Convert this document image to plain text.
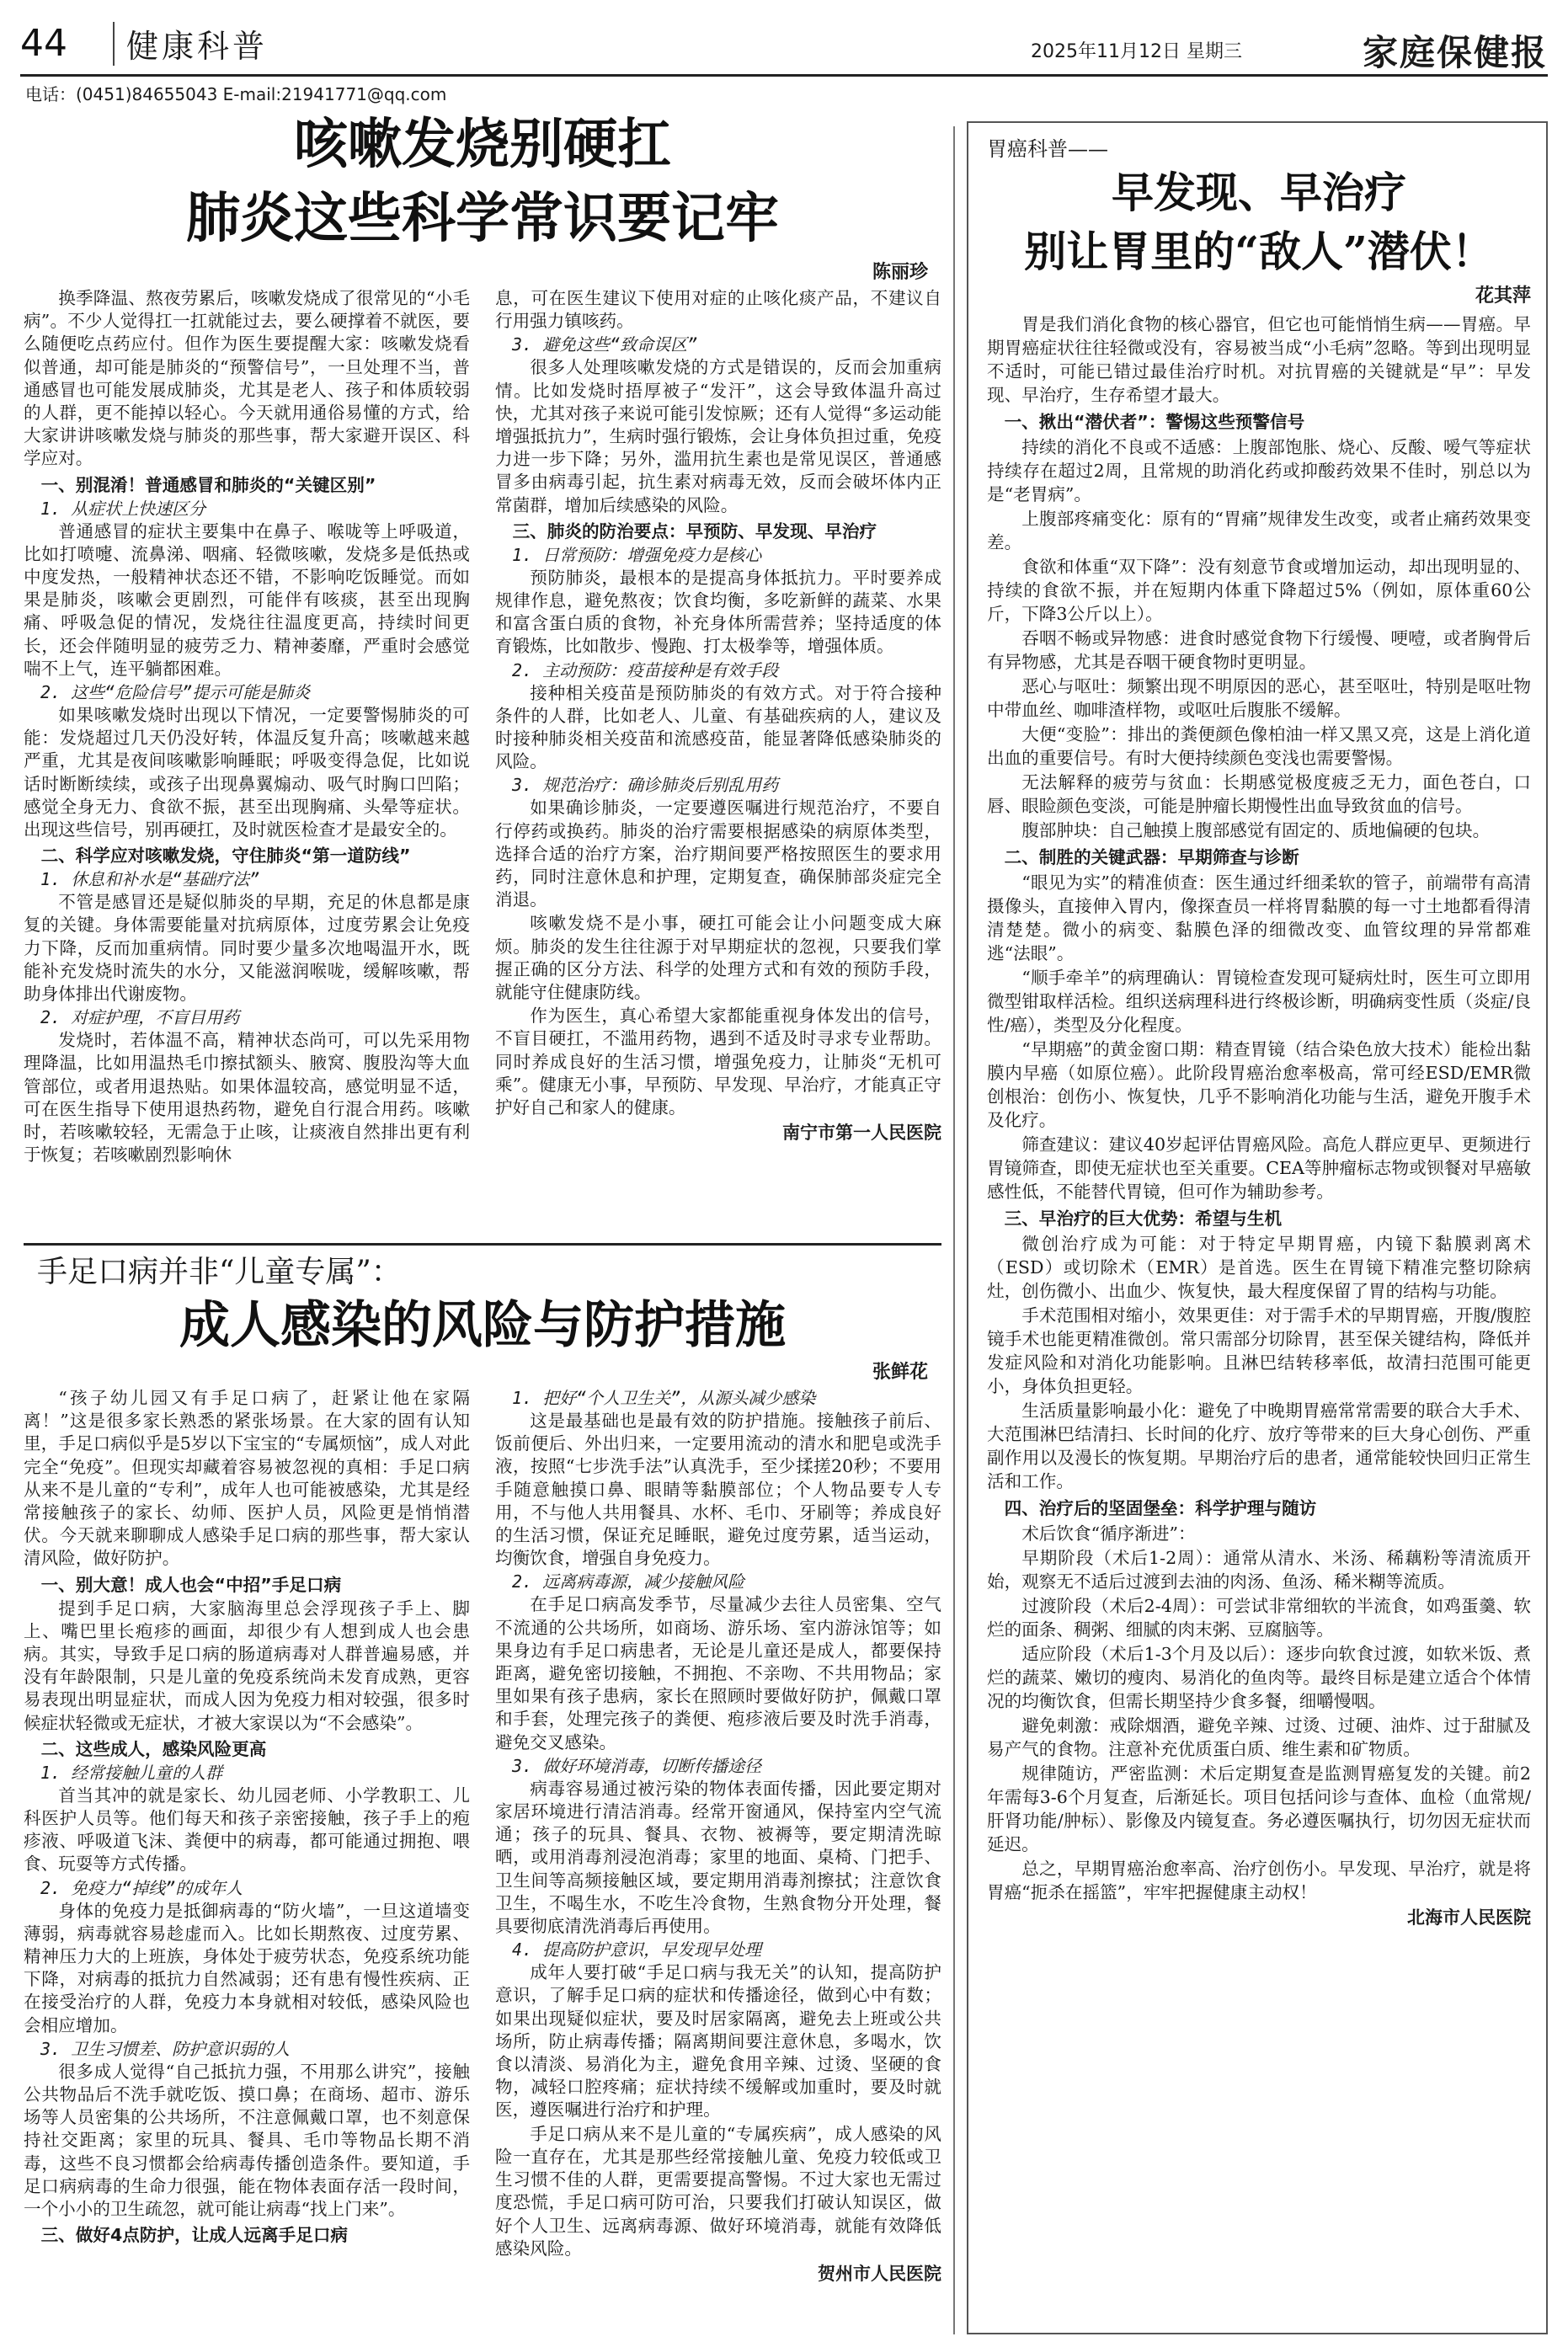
44 健康科普	2025年11月12日 星期三	家庭保健报
电话：(0451)84655043 E-mail:21941771@qq.com
咳嗽发烧别硬扛
肺炎这些科学常识要记牢
陈丽珍

换季降温、熬夜劳累后，咳嗽发烧成了很常见的“小毛病”。不少人觉得扛一扛就能过去，要么硬撑着不就医，要么随便吃点药应付。但作为医生要提醒大家：咳嗽发烧看似普通，却可能是肺炎的“预警信号”，一旦处理不当，普通感冒也可能发展成肺炎，尤其是老人、孩子和体质较弱的人群，更不能掉以轻心。今天就用通俗易懂的方式，给大家讲讲咳嗽发烧与肺炎的那些事，帮大家避开误区、科学应对。

一、别混淆！普通感冒和肺炎的“关键区别”
1. 从症状上快速区分

普通感冒的症状主要集中在鼻子、喉咙等上呼吸道，比如打喷嚏、流鼻涕、咽痛、轻微咳嗽，发烧多是低热或中度发热，一般精神状态还不错，不影响吃饭睡觉。而如果是肺炎，咳嗽会更剧烈，可能伴有咳痰，甚至出现胸痛、呼吸急促的情况，发烧往往温度更高，持续时间更长，还会伴随明显的疲劳乏力、精神萎靡，严重时会感觉喘不上气，连平躺都困难。

2. 这些“危险信号”提示可能是肺炎

如果咳嗽发烧时出现以下情况，一定要警惕肺炎的可能：发烧超过几天仍没好转，体温反复升高；咳嗽越来越严重，尤其是夜间咳嗽影响睡眠；呼吸变得急促，比如说话时断断续续，或孩子出现鼻翼煽动、吸气时胸口凹陷；感觉全身无力、食欲不振，甚至出现胸痛、头晕等症状。出现这些信号，别再硬扛，及时就医检查才是最安全的。

二、科学应对咳嗽发烧，守住肺炎“第一道防线”
1. 休息和补水是“基础疗法”

不管是感冒还是疑似肺炎的早期，充足的休息都是康复的关键。身体需要能量对抗病原体，过度劳累会让免疫力下降，反而加重病情。同时要少量多次地喝温开水，既能补充发烧时流失的水分，又能滋润喉咙，缓解咳嗽，帮助身体排出代谢废物。

2. 对症护理，不盲目用药

发烧时，若体温不高，精神状态尚可，可以先采用物理降温，比如用温热毛巾擦拭额头、腋窝、腹股沟等大血管部位，或者用退热贴。如果体温较高，感觉明显不适，可在医生指导下使用退热药物，避免自行混合用药。咳嗽时，若咳嗽较轻，无需急于止咳，让痰液自然排出更有利于恢复；若咳嗽剧烈影响休

息，可在医生建议下使用对症的止咳化痰产品，不建议自行用强力镇咳药。

3. 避免这些“致命误区”

很多人处理咳嗽发烧的方式是错误的，反而会加重病情。比如发烧时捂厚被子“发汗”，这会导致体温升高过快，尤其对孩子来说可能引发惊厥；还有人觉得“多运动能增强抵抗力”，生病时强行锻炼，会让身体负担过重，免疫力进一步下降；另外，滥用抗生素也是常见误区，普通感冒多由病毒引起，抗生素对病毒无效，反而会破坏体内正常菌群，增加后续感染的风险。

三、肺炎的防治要点：早预防、早发现、早治疗
1. 日常预防：增强免疫力是核心

预防肺炎，最根本的是提高身体抵抗力。平时要养成规律作息，避免熬夜；饮食均衡，多吃新鲜的蔬菜、水果和富含蛋白质的食物，补充身体所需营养；坚持适度的体育锻炼，比如散步、慢跑、打太极拳等，增强体质。

2. 主动预防：疫苗接种是有效手段

接种相关疫苗是预防肺炎的有效方式。对于符合接种条件的人群，比如老人、儿童、有基础疾病的人，建议及时接种肺炎相关疫苗和流感疫苗，能显著降低感染肺炎的风险。

3. 规范治疗：确诊肺炎后别乱用药

如果确诊肺炎，一定要遵医嘱进行规范治疗，不要自行停药或换药。肺炎的治疗需要根据感染的病原体类型，选择合适的治疗方案，治疗期间要严格按照医生的要求用药，同时注意休息和护理，定期复查，确保肺部炎症完全消退。

咳嗽发烧不是小事，硬扛可能会让小问题变成大麻烦。肺炎的发生往往源于对早期症状的忽视，只要我们掌握正确的区分方法、科学的处理方式和有效的预防手段，就能守住健康防线。

作为医生，真心希望大家都能重视身体发出的信号，不盲目硬扛，不滥用药物，遇到不适及时寻求专业帮助。同时养成良好的生活习惯，增强免疫力，让肺炎“无机可乘”。健康无小事，早预防、早发现、早治疗，才能真正守护好自己和家人的健康。

南宁市第一人民医院
手足口病并非“儿童专属”：
成人感染的风险与防护措施
张鲜花

“孩子幼儿园又有手足口病了，赶紧让他在家隔离！”这是很多家长熟悉的紧张场景。在大家的固有认知里，手足口病似乎是5岁以下宝宝的“专属烦恼”，成人对此完全“免疫”。但现实却藏着容易被忽视的真相：手足口病从来不是儿童的“专利”，成年人也可能被感染，尤其是经常接触孩子的家长、幼师、医护人员，风险更是悄悄潜伏。今天就来聊聊成人感染手足口病的那些事，帮大家认清风险，做好防护。

一、别大意！成人也会“中招”手足口病

提到手足口病，大家脑海里总会浮现孩子手上、脚上、嘴巴里长疱疹的画面，却很少有人想到成人也会患病。其实，导致手足口病的肠道病毒对人群普遍易感，并没有年龄限制，只是儿童的免疫系统尚未发育成熟，更容易表现出明显症状，而成人因为免疫力相对较强，很多时候症状轻微或无症状，才被大家误以为“不会感染”。

二、这些成人，感染风险更高
1. 经常接触儿童的人群

首当其冲的就是家长、幼儿园老师、小学教职工、儿科医护人员等。他们每天和孩子亲密接触，孩子手上的疱疹液、呼吸道飞沫、粪便中的病毒，都可能通过拥抱、喂食、玩耍等方式传播。

2. 免疫力“掉线”的成年人

身体的免疫力是抵御病毒的“防火墙”，一旦这道墙变薄弱，病毒就容易趁虚而入。比如长期熬夜、过度劳累、精神压力大的上班族，身体处于疲劳状态，免疫系统功能下降，对病毒的抵抗力自然减弱；还有患有慢性疾病、正在接受治疗的人群，免疫力本身就相对较低，感染风险也会相应增加。

3. 卫生习惯差、防护意识弱的人

很多成人觉得“自己抵抗力强，不用那么讲究”，接触公共物品后不洗手就吃饭、摸口鼻；在商场、超市、游乐场等人员密集的公共场所，不注意佩戴口罩，也不刻意保持社交距离；家里的玩具、餐具、毛巾等物品长期不消毒，这些不良习惯都会给病毒传播创造条件。要知道，手足口病病毒的生命力很强，能在物体表面存活一段时间，一个小小的卫生疏忽，就可能让病毒“找上门来”。

三、做好4点防护，让成人远离手足口病
1. 把好“个人卫生关”，从源头减少感染

这是最基础也是最有效的防护措施。接触孩子前后、饭前便后、外出归来，一定要用流动的清水和肥皂或洗手液，按照“七步洗手法”认真洗手，至少揉搓20秒；不要用手随意触摸口鼻、眼睛等黏膜部位；个人物品要专人专用，不与他人共用餐具、水杯、毛巾、牙刷等；养成良好的生活习惯，保证充足睡眠，避免过度劳累，适当运动，均衡饮食，增强自身免疫力。

2. 远离病毒源，减少接触风险

在手足口病高发季节，尽量减少去往人员密集、空气不流通的公共场所，如商场、游乐场、室内游泳馆等；如果身边有手足口病患者，无论是儿童还是成人，都要保持距离，避免密切接触，不拥抱、不亲吻、不共用物品；家里如果有孩子患病，家长在照顾时要做好防护，佩戴口罩和手套，处理完孩子的粪便、疱疹液后要及时洗手消毒，避免交叉感染。

3. 做好环境消毒，切断传播途径

病毒容易通过被污染的物体表面传播，因此要定期对家居环境进行清洁消毒。经常开窗通风，保持室内空气流通；孩子的玩具、餐具、衣物、被褥等，要定期清洗晾晒，或用消毒剂浸泡消毒；家里的地面、桌椅、门把手、卫生间等高频接触区域，要定期用消毒剂擦拭；注意饮食卫生，不喝生水，不吃生冷食物，生熟食物分开处理，餐具要彻底清洗消毒后再使用。

4. 提高防护意识，早发现早处理

成年人要打破“手足口病与我无关”的认知，提高防护意识，了解手足口病的症状和传播途径，做到心中有数；如果出现疑似症状，要及时居家隔离，避免去上班或公共场所，防止病毒传播；隔离期间要注意休息，多喝水，饮食以清淡、易消化为主，避免食用辛辣、过烫、坚硬的食物，减轻口腔疼痛；症状持续不缓解或加重时，要及时就医，遵医嘱进行治疗和护理。

手足口病从来不是儿童的“专属疾病”，成人感染的风险一直存在，尤其是那些经常接触儿童、免疫力较低或卫生习惯不佳的人群，更需要提高警惕。不过大家也无需过度恐慌，手足口病可防可治，只要我们打破认知误区，做好个人卫生、远离病毒源、做好环境消毒，就能有效降低感染风险。

贺州市人民医院
胃癌科普——
早发现、早治疗
别让胃里的“敌人”潜伏！
花其萍

胃是我们消化食物的核心器官，但它也可能悄悄生病——胃癌。早期胃癌症状往往轻微或没有，容易被当成“小毛病”忽略。等到出现明显不适时，可能已错过最佳治疗时机。对抗胃癌的关键就是“早”：早发现、早治疗，生存希望才最大。

一、揪出“潜伏者”：警惕这些预警信号

持续的消化不良或不适感：上腹部饱胀、烧心、反酸、嗳气等症状持续存在超过2周，且常规的助消化药或抑酸药效果不佳时，别总以为是“老胃病”。

上腹部疼痛变化：原有的“胃痛”规律发生改变，或者止痛药效果变差。

食欲和体重“双下降”：没有刻意节食或增加运动，却出现明显的、持续的食欲不振，并在短期内体重下降超过5%（例如，原体重60公斤，下降3公斤以上）。

吞咽不畅或异物感：进食时感觉食物下行缓慢、哽噎，或者胸骨后有异物感，尤其是吞咽干硬食物时更明显。

恶心与呕吐：频繁出现不明原因的恶心，甚至呕吐，特别是呕吐物中带血丝、咖啡渣样物，或呕吐后腹胀不缓解。

大便“变脸”：排出的粪便颜色像柏油一样又黑又亮，这是上消化道出血的重要信号。有时大便持续颜色变浅也需要警惕。

无法解释的疲劳与贫血：长期感觉极度疲乏无力，面色苍白，口唇、眼睑颜色变淡，可能是肿瘤长期慢性出血导致贫血的信号。

腹部肿块：自己触摸上腹部感觉有固定的、质地偏硬的包块。

二、制胜的关键武器：早期筛查与诊断

“眼见为实”的精准侦查：医生通过纤细柔软的管子，前端带有高清摄像头，直接伸入胃内，像探查员一样将胃黏膜的每一寸土地都看得清清楚楚。微小的病变、黏膜色泽的细微改变、血管纹理的异常都难逃“法眼”。

“顺手牵羊”的病理确认：胃镜检查发现可疑病灶时，医生可立即用微型钳取样活检。组织送病理科进行终极诊断，明确病变性质（炎症/良性/癌），类型及分化程度。

“早期癌”的黄金窗口期：精查胃镜（结合染色放大技术）能检出黏膜内早癌（如原位癌）。此阶段胃癌治愈率极高，常可经ESD/EMR微创根治：创伤小、恢复快，几乎不影响消化功能与生活，避免开腹手术及化疗。

筛查建议：建议40岁起评估胃癌风险。高危人群应更早、更频进行胃镜筛查，即使无症状也至关重要。CEA等肿瘤标志物或钡餐对早癌敏感性低，不能替代胃镜，但可作为辅助参考。

三、早治疗的巨大优势：希望与生机

微创治疗成为可能：对于特定早期胃癌，内镜下黏膜剥离术（ESD）或切除术（EMR）是首选。医生在胃镜下精准完整切除病灶，创伤微小、出血少、恢复快，最大程度保留了胃的结构与功能。

手术范围相对缩小，效果更佳：对于需手术的早期胃癌，开腹/腹腔镜手术也能更精准微创。常只需部分切除胃，甚至保关键结构，降低并发症风险和对消化功能影响。且淋巴结转移率低，故清扫范围可能更小，身体负担更轻。

生活质量影响最小化：避免了中晚期胃癌常常需要的联合大手术、大范围淋巴结清扫、长时间的化疗、放疗等带来的巨大身心创伤、严重副作用以及漫长的恢复期。早期治疗后的患者，通常能较快回归正常生活和工作。

四、治疗后的坚固堡垒：科学护理与随访

术后饮食“循序渐进”：

早期阶段（术后1-2周）：通常从清水、米汤、稀藕粉等清流质开始，观察无不适后过渡到去油的肉汤、鱼汤、稀米糊等流质。

过渡阶段（术后2-4周）：可尝试非常细软的半流食，如鸡蛋羹、软烂的面条、稠粥、细腻的肉末粥、豆腐脑等。

适应阶段（术后1-3个月及以后）：逐步向软食过渡，如软米饭、煮烂的蔬菜、嫩切的瘦肉、易消化的鱼肉等。最终目标是建立适合个体情况的均衡饮食，但需长期坚持少食多餐，细嚼慢咽。

避免刺激：戒除烟酒，避免辛辣、过烫、过硬、油炸、过于甜腻及易产气的食物。注意补充优质蛋白质、维生素和矿物质。

规律随访，严密监测：术后定期复查是监测胃癌复发的关键。前2年需每3-6个月复查，后渐延长。项目包括问诊与查体、血检（血常规/肝肾功能/肿标）、影像及内镜复查。务必遵医嘱执行，切勿因无症状而延迟。

总之，早期胃癌治愈率高、治疗创伤小。早发现、早治疗，就是将胃癌“扼杀在摇篮”，牢牢把握健康主动权！

北海市人民医院
